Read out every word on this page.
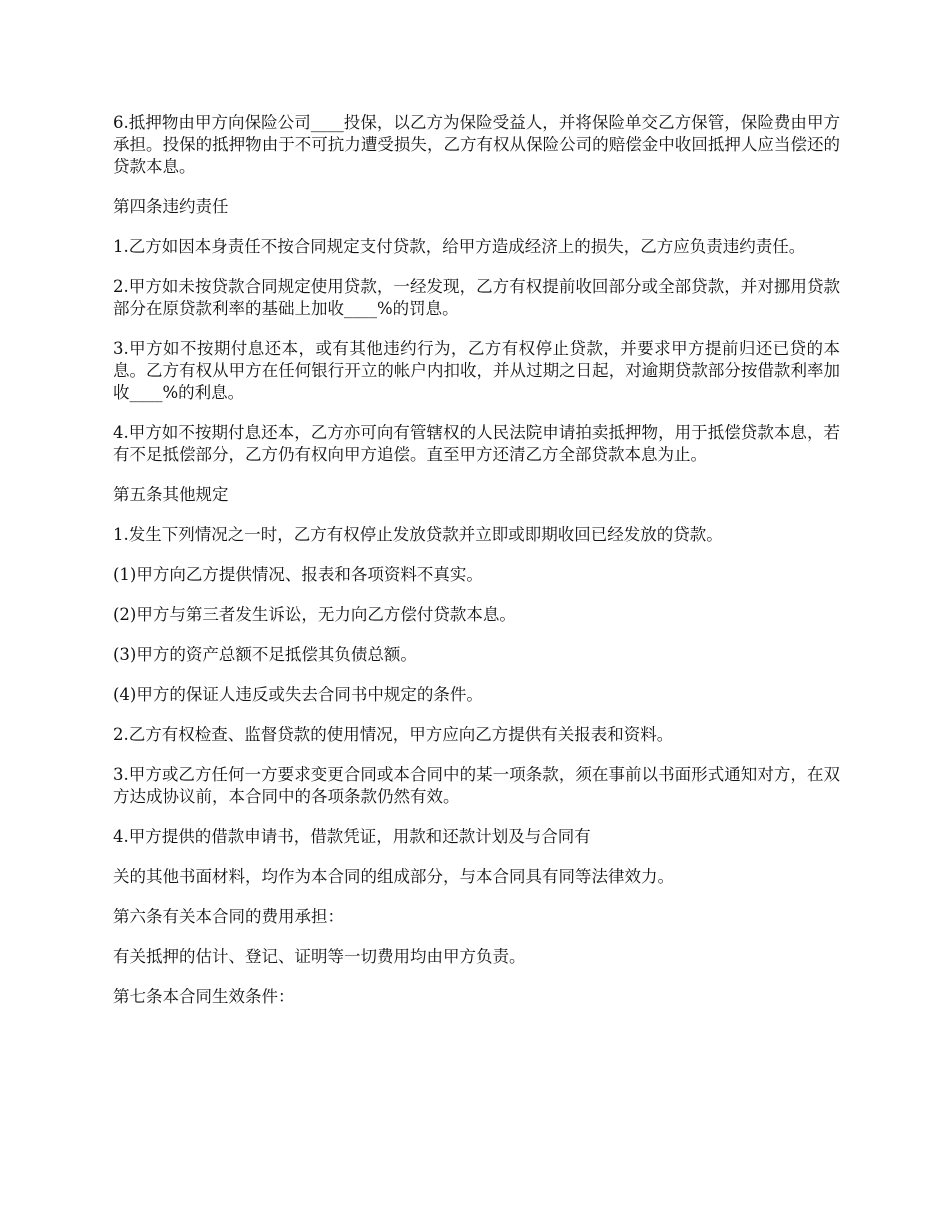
6.抵押物由甲方向保险公司____投保，以乙方为保险受益人，并将保险单交乙方保管，保险费由甲方承担。投保的抵押物由于不可抗力遭受损失，乙方有权从保险公司的赔偿金中收回抵押人应当偿还的贷款本息。

第四条违约责任

1.乙方如因本身责任不按合同规定支付贷款，给甲方造成经济上的损失，乙方应负责违约责任。

2.甲方如未按贷款合同规定使用贷款，一经发现，乙方有权提前收回部分或全部贷款，并对挪用贷款部分在原贷款利率的基础上加收____%的罚息。

3.甲方如不按期付息还本，或有其他违约行为，乙方有权停止贷款，并要求甲方提前归还已贷的本息。乙方有权从甲方在任何银行开立的帐户内扣收，并从过期之日起，对逾期贷款部分按借款利率加收____%的利息。

4.甲方如不按期付息还本，乙方亦可向有管辖权的人民法院申请拍卖抵押物，用于抵偿贷款本息，若有不足抵偿部分，乙方仍有权向甲方追偿。直至甲方还清乙方全部贷款本息为止。

第五条其他规定

1.发生下列情况之一时，乙方有权停止发放贷款并立即或即期收回已经发放的贷款。

(1)甲方向乙方提供情况、报表和各项资料不真实。

(2)甲方与第三者发生诉讼，无力向乙方偿付贷款本息。

(3)甲方的资产总额不足抵偿其负债总额。

(4)甲方的保证人违反或失去合同书中规定的条件。

2.乙方有权检查、监督贷款的使用情况，甲方应向乙方提供有关报表和资料。

3.甲方或乙方任何一方要求变更合同或本合同中的某一项条款，须在事前以书面形式通知对方，在双方达成协议前，本合同中的各项条款仍然有效。

4.甲方提供的借款申请书，借款凭证，用款和还款计划及与合同有

关的其他书面材料，均作为本合同的组成部分，与本合同具有同等法律效力。

第六条有关本合同的费用承担：

有关抵押的估计、登记、证明等一切费用均由甲方负责。

第七条本合同生效条件：
